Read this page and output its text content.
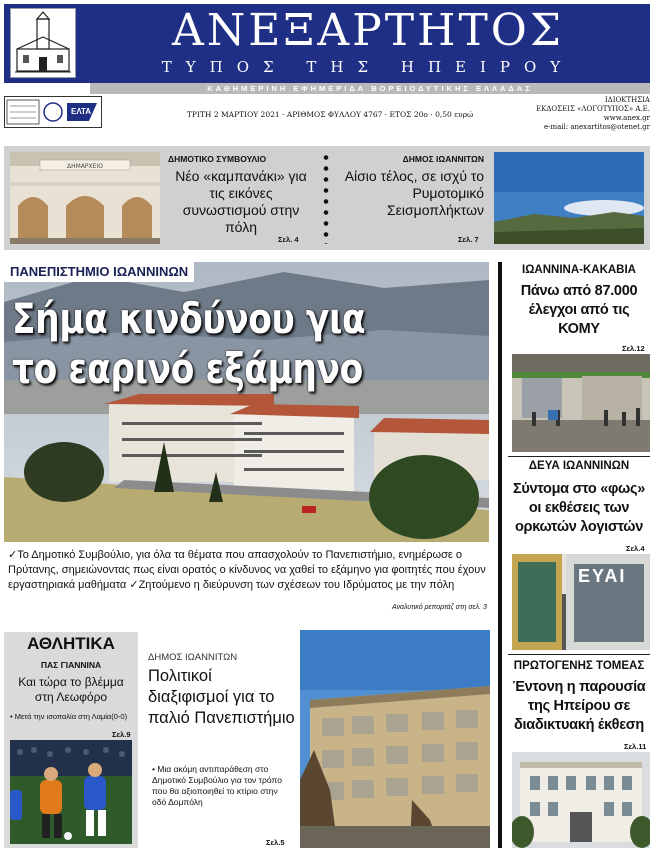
ΑΝΕΞΑΡΤΗΤΟΣ
ΤΥΠΟΣ ΤΗΣ ΗΠΕΙΡΟΥ
ΚΑΘΗΜΕΡΙΝΗ ΕΦΗΜΕΡΙΔΑ ΒΟΡΕΙΟΔΥΤΙΚΗΣ ΕΛΛΑΔΑΣ
ΕΛΤΑ	ΤΡΙΤΗ 2 ΜΑΡΤΙΟΥ 2021 · ΑΡΙΘΜΟΣ ΦΥΛΛΟΥ 4767 · ΕΤΟΣ 20ο · 0,50 ευρώ
ΙΔΙΟΚΤΗΣΙΑ
ΕΚΔΟΣΕΙΣ «ΛΟΓΟΤΥΠΟΣ» Α.Ε.
www.anex.gr
e-mail: anexartitos@otenet.gr
ΔΗΜΑΡΧΕΙΟ
ΔΗΜΟΤΙΚΟ ΣΥΜΒΟΥΛΙΟ
Νέο «καμπανάκι» για τις εικόνες συνωστισμού στην πόλη
Σελ. 4
ΔΗΜΟΣ ΙΩΑΝΝΙΤΩΝ
Αίσιο τέλος, σε ισχύ το Ρυμοτομικό Σεισμοπλήκτων
Σελ. 7
ΠΑΝΕΠΙΣΤΗΜΙΟ ΙΩΑΝΝΙΝΩΝ
Σήμα κινδύνου για
το εαρινό εξάμηνο
✓Το Δημοτικό Συμβούλιο, για όλα τα θέματα που απασχολούν το Πανεπιστήμιο, ενημέρωσε ο Πρύτανης, σημειώνοντας πως είναι ορατός ο κίνδυνος να χαθεί το εξάμηνο για φοιτητές που έχουν εργαστηριακά μαθήματα ✓Ζητούμενο η διεύρυνση των σχέσεων του Ιδρύματος με την πόλη
Αναλυτικό ρεπορτάζ στη σελ. 3
ΙΩΑΝΝΙΝΑ-ΚΑΚΑΒΙΑ
Πάνω από 87.000 έλεγχοι από τις ΚΟΜΥ
Σελ.12
ΔΕΥΑ ΙΩΑΝΝΙΝΩΝ
Σύντομα στο «φως» οι εκθέσεις των ορκωτών λογιστών
Σελ.4
ΕΥΑΙ
ΠΡΩΤΟΓΕΝΗΣ ΤΟΜΕΑΣ
Έντονη η παρουσία της Ηπείρου σε διαδικτυακή έκθεση
Σελ.11
ΑΘΛΗΤΙΚΑ
ΠΑΣ ΓΙΑΝΝΙΝΑ
Και τώρα το βλέμμα στη Λεωφόρο
• Μετά την ισοπαλία στη Λαμία(0-0)
Σελ.9
ΔΗΜΟΣ ΙΩΑΝΝΙΤΩΝ
Πολιτικοί διαξιφισμοί για το παλιό Πανεπιστήμιο
• Μια ακόμη αντιπαράθεση στο Δημοτικό Συμβούλιο για τον τρόπο που θα αξιοποιηθεί το κτίριο στην οδό Δομπόλη
Σελ.5
